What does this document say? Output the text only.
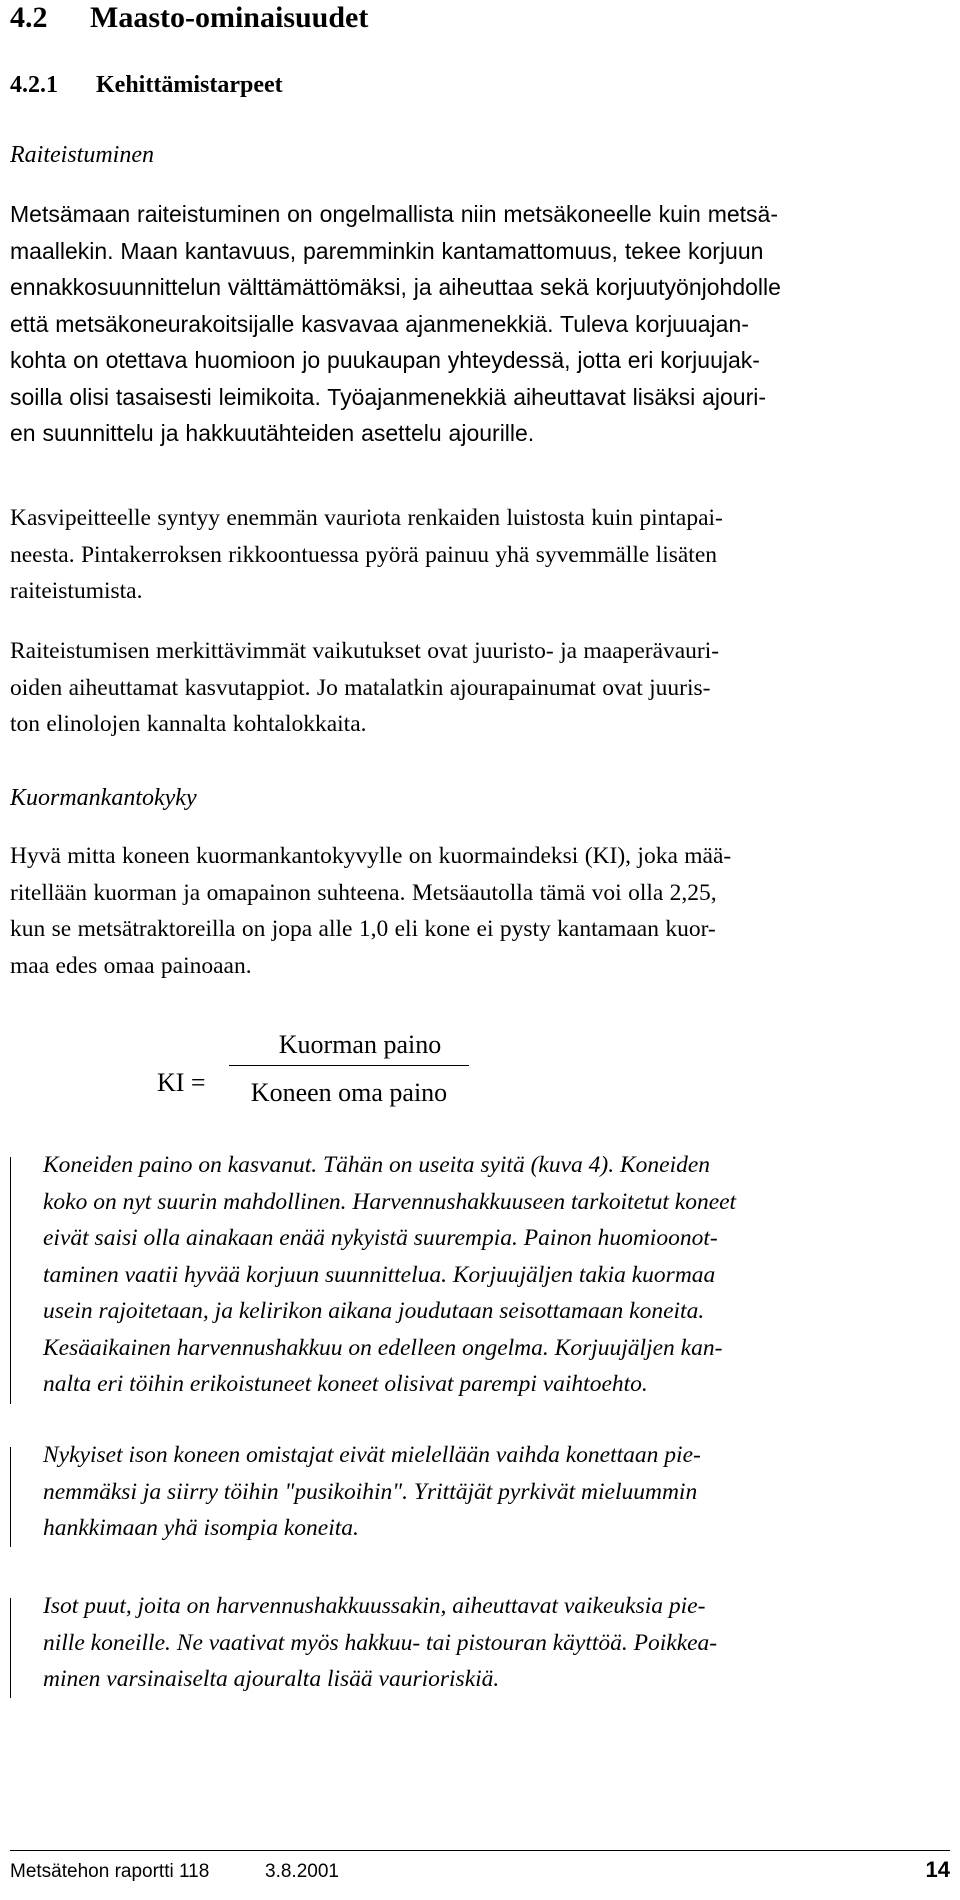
4.2 Maasto-ominaisuudet
4.2.1 Kehittämistarpeet
Raiteistuminen
Metsämaan raiteistuminen on ongelmallista niin metsäkoneelle kuin metsä-
maallekin. Maan kantavuus, paremminkin kantamattomuus, tekee korjuun
ennakkosuunnittelun välttämättömäksi, ja aiheuttaa sekä korjuutyönjohdolle
että metsäkoneurakoitsijalle kasvavaa ajanmenekkiä. Tuleva korjuuajan-
kohta on otettava huomioon jo puukaupan yhteydessä, jotta eri korjuujak-
soilla olisi tasaisesti leimikoita. Työajanmenekkiä aiheuttavat lisäksi ajouri-
en suunnittelu ja hakkuutähteiden asettelu ajourille.
Kasvipeitteelle syntyy enemmän vauriota renkaiden luistosta kuin pintapai-
neesta. Pintakerroksen rikkoontuessa pyörä painuu yhä syvemmälle lisäten
raiteistumista.
Raiteistumisen merkittävimmät vaikutukset ovat juuristo- ja maaperävauri-
oiden aiheuttamat kasvutappiot. Jo matalatkin ajourapainumat ovat juuris-
ton elinolojen kannalta kohtalokkaita.
Kuormankantokyky
Hyvä mitta koneen kuormankantokyvylle on kuormaindeksi (KI), joka mää-
ritellään kuorman ja omapainon suhteena. Metsäautolla tämä voi olla 2,25,
kun se metsätraktoreilla on jopa alle 1,0 eli kone ei pysty kantamaan kuor-
maa edes omaa painoaan.
KI =
Kuorman paino
Koneen oma paino
Koneiden paino on kasvanut. Tähän on useita syitä (kuva 4). Koneiden
koko on nyt suurin mahdollinen. Harvennushakkuuseen tarkoitetut koneet
eivät saisi olla ainakaan enää nykyistä suurempia. Painon huomioonot-
taminen vaatii hyvää korjuun suunnittelua. Korjuujäljen takia kuormaa
usein rajoitetaan, ja kelirikon aikana joudutaan seisottamaan koneita.
Kesäaikainen harvennushakkuu on edelleen ongelma. Korjuujäljen kan-
nalta eri töihin erikoistuneet koneet olisivat parempi vaihtoehto.
Nykyiset ison koneen omistajat eivät mielellään vaihda konettaan pie-
nemmäksi ja siirry töihin "pusikoihin". Yrittäjät pyrkivät mieluummin
hankkimaan yhä isompia koneita.
Isot puut, joita on harvennushakkuussakin, aiheuttavat vaikeuksia pie-
nille koneille. Ne vaativat myös hakkuu- tai pistouran käyttöä. Poikkea-
minen varsinaiselta ajouralta lisää vaurioriskiä.
Metsätehon raportti 118	3.8.2001	14
